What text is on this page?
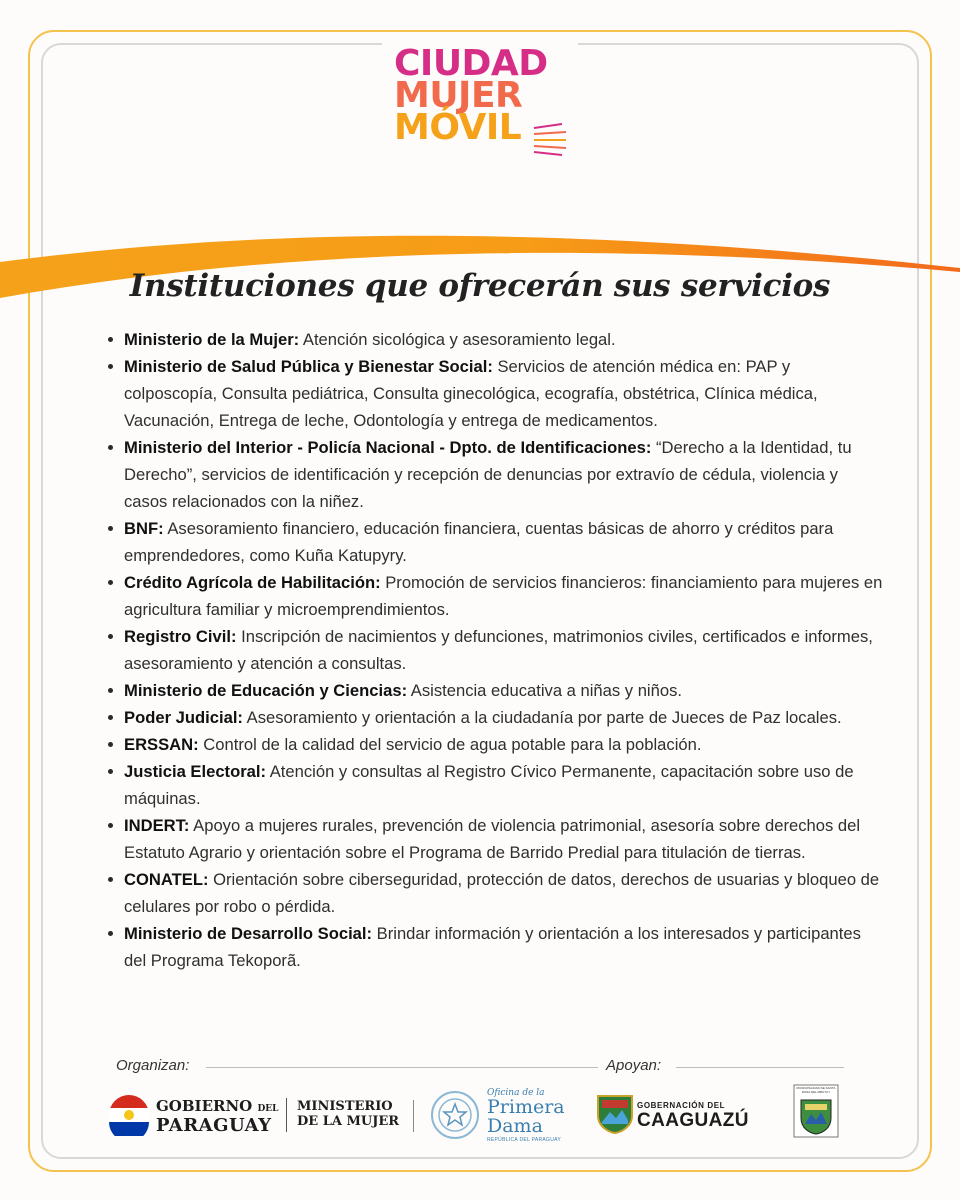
CIUDAD
MUJER
MÓVIL
Instituciones que ofrecerán sus servicios
Ministerio de la Mujer: Atención sicológica y asesoramiento legal.
Ministerio de Salud Pública y Bienestar Social: Servicios de atención médica en: PAP y colposcopía, Consulta pediátrica, Consulta ginecológica, ecografía, obstétrica, Clínica médica, Vacunación, Entrega de leche, Odontología y entrega de medicamentos.
Ministerio del Interior - Policía Nacional - Dpto. de Identificaciones: “Derecho a la Identidad, tu Derecho”, servicios de identificación y recepción de denuncias por extravío de cédula, violencia y casos relacionados con la niñez.
BNF: Asesoramiento financiero, educación financiera, cuentas básicas de ahorro y créditos para emprendedores, como Kuña Katupyry.
Crédito Agrícola de Habilitación: Promoción de servicios financieros: financiamiento para mujeres en agricultura familiar y microemprendimientos.
Registro Civil: Inscripción de nacimientos y defunciones, matrimonios civiles, certificados e informes, asesoramiento y atención a consultas.
Ministerio de Educación y Ciencias: Asistencia educativa a niñas y niños.
Poder Judicial: Asesoramiento y orientación a la ciudadanía por parte de Jueces de Paz locales.
ERSSAN: Control de la calidad del servicio de agua potable para la población.
Justicia Electoral: Atención y consultas al Registro Cívico Permanente, capacitación sobre uso de máquinas.
INDERT: Apoyo a mujeres rurales, prevención de violencia patrimonial, asesoría sobre derechos del Estatuto Agrario y orientación sobre el Programa de Barrido Predial para titulación de tierras.
CONATEL: Orientación sobre ciberseguridad, protección de datos, derechos de usuarias y bloqueo de celulares por robo o pérdida.
Ministerio de Desarrollo Social: Brindar información y orientación a los interesados y participantes del Programa Tekoporã.
Organizan:	Apoyan:
GOBIERNO DEL
PARAGUAY
MINISTERIO
DE LA MUJER
Oficina de la
Primera
Dama
REPÚBLICA DEL PARAGUAY
GOBERNACIÓN DEL
CAAGUAZÚ
MUNICIPALIDAD DE SANTA ROSA DEL MBUTUY
